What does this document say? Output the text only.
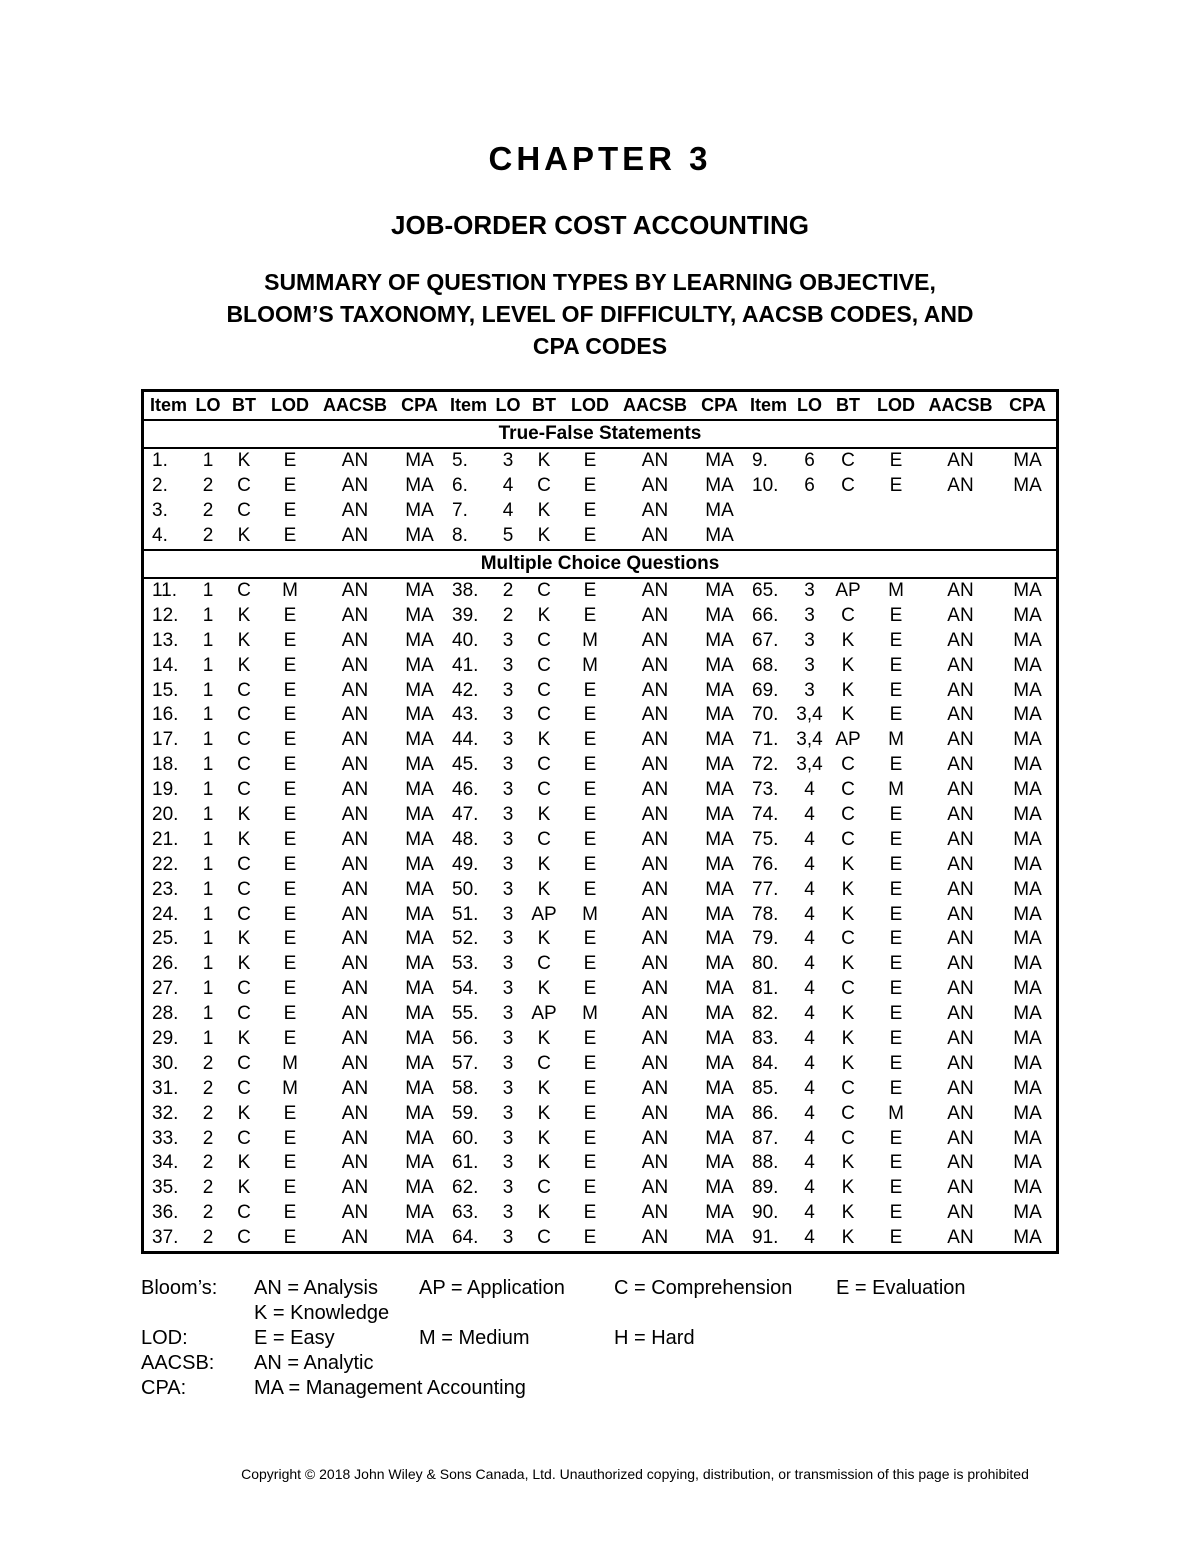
CHAPTER 3
JOB-ORDER COST ACCOUNTING
SUMMARY OF QUESTION TYPES BY LEARNING OBJECTIVE,
BLOOM’S TAXONOMY, LEVEL OF DIFFICULTY, AACSB CODES, AND
CPA CODES
Item	LO	BT	LOD	AACSB	CPA	Item	LO	BT	LOD	AACSB	CPA	Item	LO	BT	LOD	AACSB	CPA
True-False Statements																	
1.	1	K	E	AN	MA	5.	3	K	E	AN	MA	9.	6	C	E	AN	MA
2.	2	C	E	AN	MA	6.	4	C	E	AN	MA	10.	6	C	E	AN	MA
3.	2	C	E	AN	MA	7.	4	K	E	AN	MA						
4.	2	K	E	AN	MA	8.	5	K	E	AN	MA						
Multiple Choice Questions																	
11.	1	C	M	AN	MA	38.	2	C	E	AN	MA	65.	3	AP	M	AN	MA
12.	1	K	E	AN	MA	39.	2	K	E	AN	MA	66.	3	C	E	AN	MA
13.	1	K	E	AN	MA	40.	3	C	M	AN	MA	67.	3	K	E	AN	MA
14.	1	K	E	AN	MA	41.	3	C	M	AN	MA	68.	3	K	E	AN	MA
15.	1	C	E	AN	MA	42.	3	C	E	AN	MA	69.	3	K	E	AN	MA
16.	1	C	E	AN	MA	43.	3	C	E	AN	MA	70.	3,4	K	E	AN	MA
17.	1	C	E	AN	MA	44.	3	K	E	AN	MA	71.	3,4	AP	M	AN	MA
18.	1	C	E	AN	MA	45.	3	C	E	AN	MA	72.	3,4	C	E	AN	MA
19.	1	C	E	AN	MA	46.	3	C	E	AN	MA	73.	4	C	M	AN	MA
20.	1	K	E	AN	MA	47.	3	K	E	AN	MA	74.	4	C	E	AN	MA
21.	1	K	E	AN	MA	48.	3	C	E	AN	MA	75.	4	C	E	AN	MA
22.	1	C	E	AN	MA	49.	3	K	E	AN	MA	76.	4	K	E	AN	MA
23.	1	C	E	AN	MA	50.	3	K	E	AN	MA	77.	4	K	E	AN	MA
24.	1	C	E	AN	MA	51.	3	AP	M	AN	MA	78.	4	K	E	AN	MA
25.	1	K	E	AN	MA	52.	3	K	E	AN	MA	79.	4	C	E	AN	MA
26.	1	K	E	AN	MA	53.	3	C	E	AN	MA	80.	4	K	E	AN	MA
27.	1	C	E	AN	MA	54.	3	K	E	AN	MA	81.	4	C	E	AN	MA
28.	1	C	E	AN	MA	55.	3	AP	M	AN	MA	82.	4	K	E	AN	MA
29.	1	K	E	AN	MA	56.	3	K	E	AN	MA	83.	4	K	E	AN	MA
30.	2	C	M	AN	MA	57.	3	C	E	AN	MA	84.	4	K	E	AN	MA
31.	2	C	M	AN	MA	58.	3	K	E	AN	MA	85.	4	C	E	AN	MA
32.	2	K	E	AN	MA	59.	3	K	E	AN	MA	86.	4	C	M	AN	MA
33.	2	C	E	AN	MA	60.	3	K	E	AN	MA	87.	4	C	E	AN	MA
34.	2	K	E	AN	MA	61.	3	K	E	AN	MA	88.	4	K	E	AN	MA
35.	2	K	E	AN	MA	62.	3	C	E	AN	MA	89.	4	K	E	AN	MA
36.	2	C	E	AN	MA	63.	3	K	E	AN	MA	90.	4	K	E	AN	MA
37.	2	C	E	AN	MA	64.	3	C	E	AN	MA	91.	4	K	E	AN	MA
Bloom’s:	AN = Analysis	AP = Application	C = Comprehension	E = Evaluation
K = Knowledge
LOD:	E = Easy	M = Medium	H = Hard
AACSB:	AN = Analytic
CPA:	MA = Management Accounting
Copyright © 2018 John Wiley & Sons Canada, Ltd. Unauthorized copying, distribution, or transmission of this page is prohibited
